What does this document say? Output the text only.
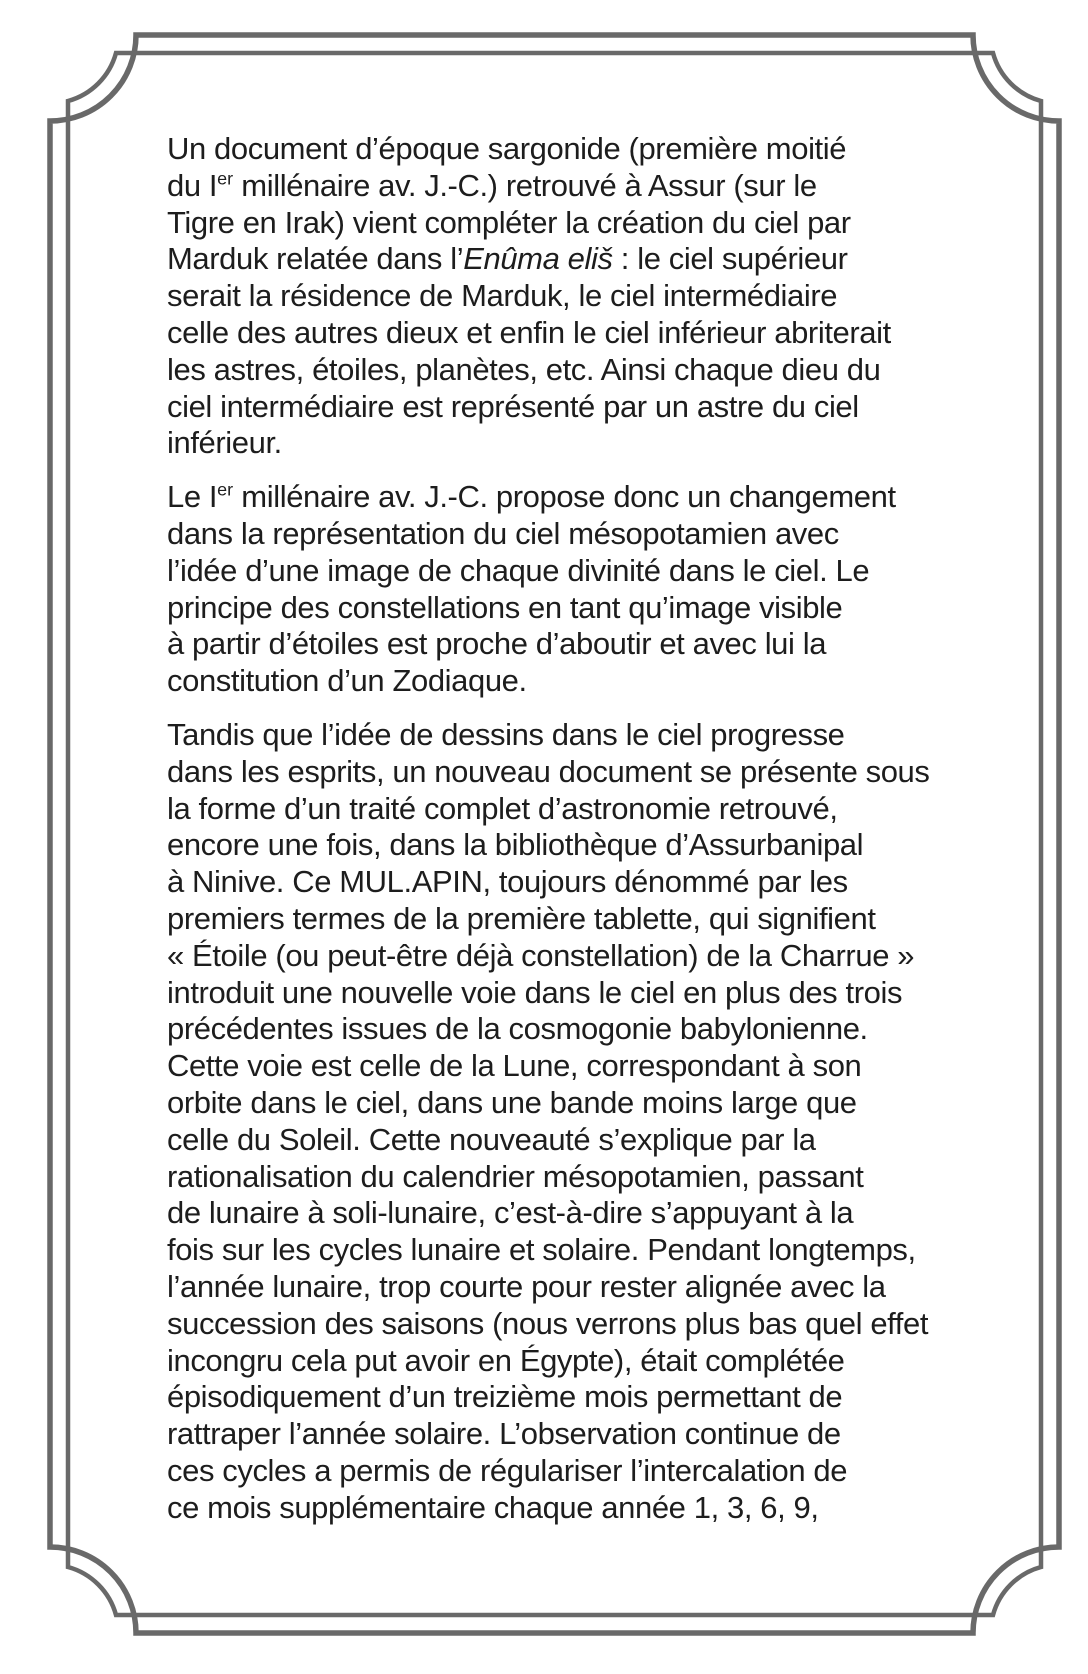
Un document d’époque sargonide (première moitié
du Ier millénaire av. J.-C.) retrouvé à Assur (sur le
Tigre en Irak) vient compléter la création du ciel par
Marduk relatée dans l’Enûma eliš : le ciel supérieur
serait la résidence de Marduk, le ciel intermédiaire
celle des autres dieux et enfin le ciel inférieur abriterait
les astres, étoiles, planètes, etc. Ainsi chaque dieu du
ciel intermédiaire est représenté par un astre du ciel
inférieur.

Le Ier millénaire av. J.-C. propose donc un changement
dans la représentation du ciel mésopotamien avec
l’idée d’une image de chaque divinité dans le ciel. Le
principe des constellations en tant qu’image visible
à partir d’étoiles est proche d’aboutir et avec lui la
constitution d’un Zodiaque.

Tandis que l’idée de dessins dans le ciel progresse
dans les esprits, un nouveau document se présente sous
la forme d’un traité complet d’astronomie retrouvé,
encore une fois, dans la bibliothèque d’Assurbanipal
à Ninive. Ce MUL.APIN, toujours dénommé par les
premiers termes de la première tablette, qui signifient
« Étoile (ou peut-être déjà constellation) de la Charrue »
introduit une nouvelle voie dans le ciel en plus des trois
précédentes issues de la cosmogonie babylonienne.
Cette voie est celle de la Lune, correspondant à son
orbite dans le ciel, dans une bande moins large que
celle du Soleil. Cette nouveauté s’explique par la
rationalisation du calendrier mésopotamien, passant
de lunaire à soli-lunaire, c’est-à-dire s’appuyant à la
fois sur les cycles lunaire et solaire. Pendant longtemps,
l’année lunaire, trop courte pour rester alignée avec la
succession des saisons (nous verrons plus bas quel effet
incongru cela put avoir en Égypte), était complétée
épisodiquement d’un treizième mois permettant de
rattraper l’année solaire. L’observation continue de
ces cycles a permis de régulariser l’intercalation de
ce mois supplémentaire chaque année 1, 3, 6, 9,
